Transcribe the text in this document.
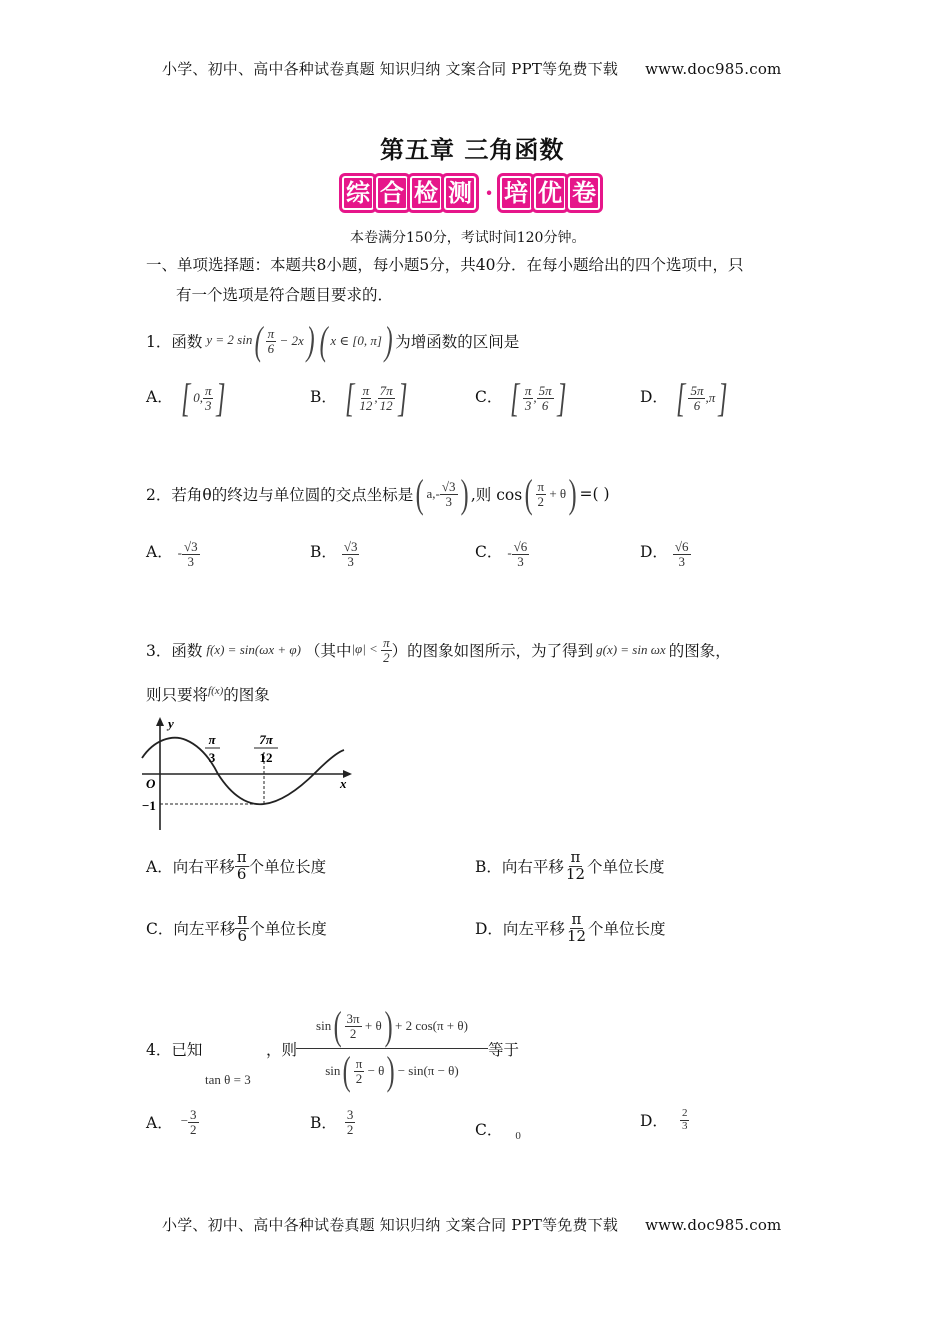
小学、初中、高中各种试卷真题 知识归纳 文案合同 PPT等免费下载 www.doc985.com
第五章 三角函数
综 合 检 测 · 培 优 卷
本卷满分150分，考试时间120分钟。
一、单项选择题：本题共8小题，每小题5分，共40分．在每小题给出的四个选项中，只
有一个选项是符合题目要求的．
1．函数 y = 2 sin ( $\frac{\pi}{6} - 2x$ ) ( x ∈ [0, π] ) 为增函数的区间是
A． [ 0, $\frac{\pi}{3}$ ]	B． [ $\frac{\pi}{12}$ , $\frac{7\pi}{12}$ ]	C． [ $\frac{\pi}{3}$ , $\frac{5\pi}{6}$ ]	D． [ $\frac{5\pi}{6} ,\pi$ ]
2．若角θ的终边与单位圆的交点坐标是 ( $a,- \frac{√3}{3}$ ) ,则 cos ( $\frac{\pi}{2} + \theta$ ) =( )
A． - $\frac{√3}{3}$	B． $\frac{√3}{3}$	C． - $\frac{√6}{3}$	D． $\frac{√6}{3}$
3．函数 f(x) = sin(ωx + φ) （其中 $|\varphi| < \frac{\pi}{2}$ ）的图象如图所示，为了得到 g(x) = sin ωx 的图象，
则只要将$^{f(x)}$的图象
y
x
O
−1
π
3
7π
12
A．向右平移 $\frac{\pi}{6}$ 个单位长度	B．向右平移 $\frac{\pi}{12}$ 个单位长度
C．向左平移 $\frac{\pi}{6}$ 个单位长度	D．向左平移 $\frac{\pi}{12}$ 个单位长度
4．已知
tan θ = 3
，则
sin ( $\frac{3\pi}{2} + \theta$ ) + 2 cos(π + θ)
sin ( $\frac{\pi}{2} - \theta$ ) − sin(π − θ)
等于
A． − $\frac{3}{2}$	B． $\frac{3}{2}$	C． $_0$
D． $\frac{2}{3}$
小学、初中、高中各种试卷真题 知识归纳 文案合同 PPT等免费下载 www.doc985.com
